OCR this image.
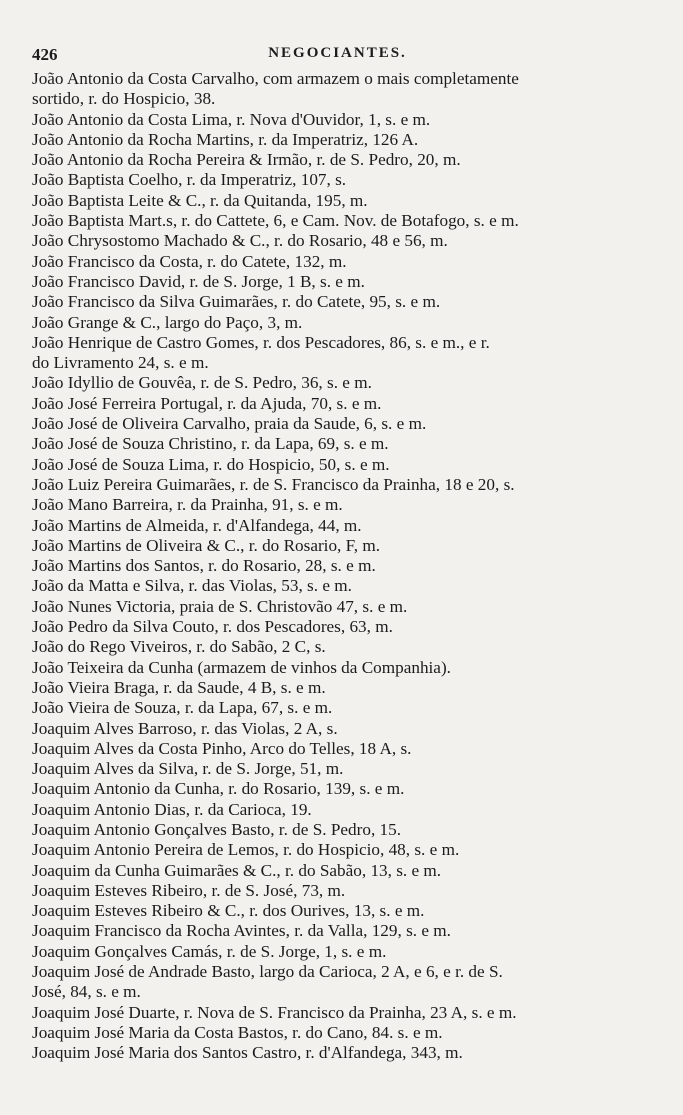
426	NEGOCIANTES.
João Antonio da Costa Carvalho, com armazem o mais completamente
sortido, r. do Hospicio, 38.
João Antonio da Costa Lima, r. Nova d'Ouvidor, 1, s. e m.
João Antonio da Rocha Martins, r. da Imperatriz, 126 A.
João Antonio da Rocha Pereira & Irmão, r. de S. Pedro, 20, m.
João Baptista Coelho, r. da Imperatriz, 107, s.
João Baptista Leite & C., r. da Quitanda, 195, m.
João Baptista Mart.s, r. do Cattete, 6, e Cam. Nov. de Botafogo, s. e m.
João Chrysostomo Machado & C., r. do Rosario, 48 e 56, m.
João Francisco da Costa, r. do Catete, 132, m.
João Francisco David, r. de S. Jorge, 1 B, s. e m.
João Francisco da Silva Guimarães, r. do Catete, 95, s. e m.
João Grange & C., largo do Paço, 3, m.
João Henrique de Castro Gomes, r. dos Pescadores, 86, s. e m., e r.
do Livramento 24, s. e m.
João Idyllio de Gouvêa, r. de S. Pedro, 36, s. e m.
João José Ferreira Portugal, r. da Ajuda, 70, s. e m.
João José de Oliveira Carvalho, praia da Saude, 6, s. e m.
João José de Souza Christino, r. da Lapa, 69, s. e m.
João José de Souza Lima, r. do Hospicio, 50, s. e m.
João Luiz Pereira Guimarães, r. de S. Francisco da Prainha, 18 e 20, s.
João Mano Barreira, r. da Prainha, 91, s. e m.
João Martins de Almeida, r. d'Alfandega, 44, m.
João Martins de Oliveira & C., r. do Rosario, F, m.
João Martins dos Santos, r. do Rosario, 28, s. e m.
João da Matta e Silva, r. das Violas, 53, s. e m.
João Nunes Victoria, praia de S. Christovão 47, s. e m.
João Pedro da Silva Couto, r. dos Pescadores, 63, m.
João do Rego Viveiros, r. do Sabão, 2 C, s.
João Teixeira da Cunha (armazem de vinhos da Companhia).
João Vieira Braga, r. da Saude, 4 B, s. e m.
João Vieira de Souza, r. da Lapa, 67, s. e m.
Joaquim Alves Barroso, r. das Violas, 2 A, s.
Joaquim Alves da Costa Pinho, Arco do Telles, 18 A, s.
Joaquim Alves da Silva, r. de S. Jorge, 51, m.
Joaquim Antonio da Cunha, r. do Rosario, 139, s. e m.
Joaquim Antonio Dias, r. da Carioca, 19.
Joaquim Antonio Gonçalves Basto, r. de S. Pedro, 15.
Joaquim Antonio Pereira de Lemos, r. do Hospicio, 48, s. e m.
Joaquim da Cunha Guimarães & C., r. do Sabão, 13, s. e m.
Joaquim Esteves Ribeiro, r. de S. José, 73, m.
Joaquim Esteves Ribeiro & C., r. dos Ourives, 13, s. e m.
Joaquim Francisco da Rocha Avintes, r. da Valla, 129, s. e m.
Joaquim Gonçalves Camás, r. de S. Jorge, 1, s. e m.
Joaquim José de Andrade Basto, largo da Carioca, 2 A, e 6, e r. de S.
José, 84, s. e m.
Joaquim José Duarte, r. Nova de S. Francisco da Prainha, 23 A, s. e m.
Joaquim José Maria da Costa Bastos, r. do Cano, 84. s. e m.
Joaquim José Maria dos Santos Castro, r. d'Alfandega, 343, m.
